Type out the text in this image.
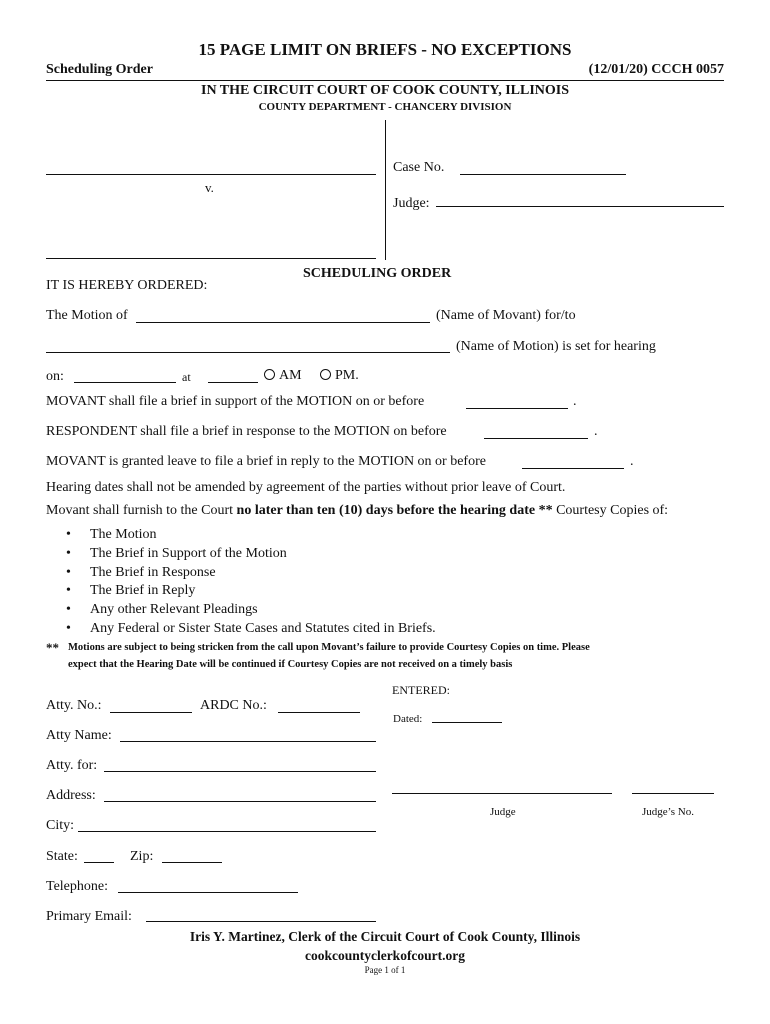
15 PAGE LIMIT ON BRIEFS - NO EXCEPTIONS
Scheduling Order	(12/01/20) CCCH 0057
IN THE CIRCUIT COURT OF COOK COUNTY, ILLINOIS
COUNTY DEPARTMENT - CHANCERY DIVISION
v.
Case No.
Judge:
SCHEDULING ORDER
IT IS HEREBY ORDERED:
The Motion of	(Name of Movant) for/to
(Name of Motion) is set for hearing
on:	at	AM	PM.
MOVANT shall file a brief in support of the MOTION on or before	.
RESPONDENT shall file a brief in response to the MOTION on before	.
MOVANT is granted leave to file a brief in reply to the MOTION on or before	.
Hearing dates shall not be amended by agreement of the parties without prior leave of Court.
Movant shall furnish to the Court no later than ten (10) days before the hearing date ** Courtesy Copies of:
• The Motion
• The Brief in Support of the Motion
• The Brief in Response
• The Brief in Reply
• Any other Relevant Pleadings
• Any Federal or Sister State Cases and Statutes cited in Briefs.
** Motions are subject to being stricken from the call upon Movant’s failure to provide Courtesy Copies on time. Please
expect that the Hearing Date will be continued if Courtesy Copies are not received on a timely basis
Atty. No.:	ARDC No.:
Atty Name:
Atty. for:
Address:
City:
State:	Zip:
Telephone:
Primary Email:
ENTERED:
Dated:
Judge	Judge’s No.
Iris Y. Martinez, Clerk of the Circuit Court of Cook County, Illinois
cookcountyclerkofcourt.org
Page 1 of 1
